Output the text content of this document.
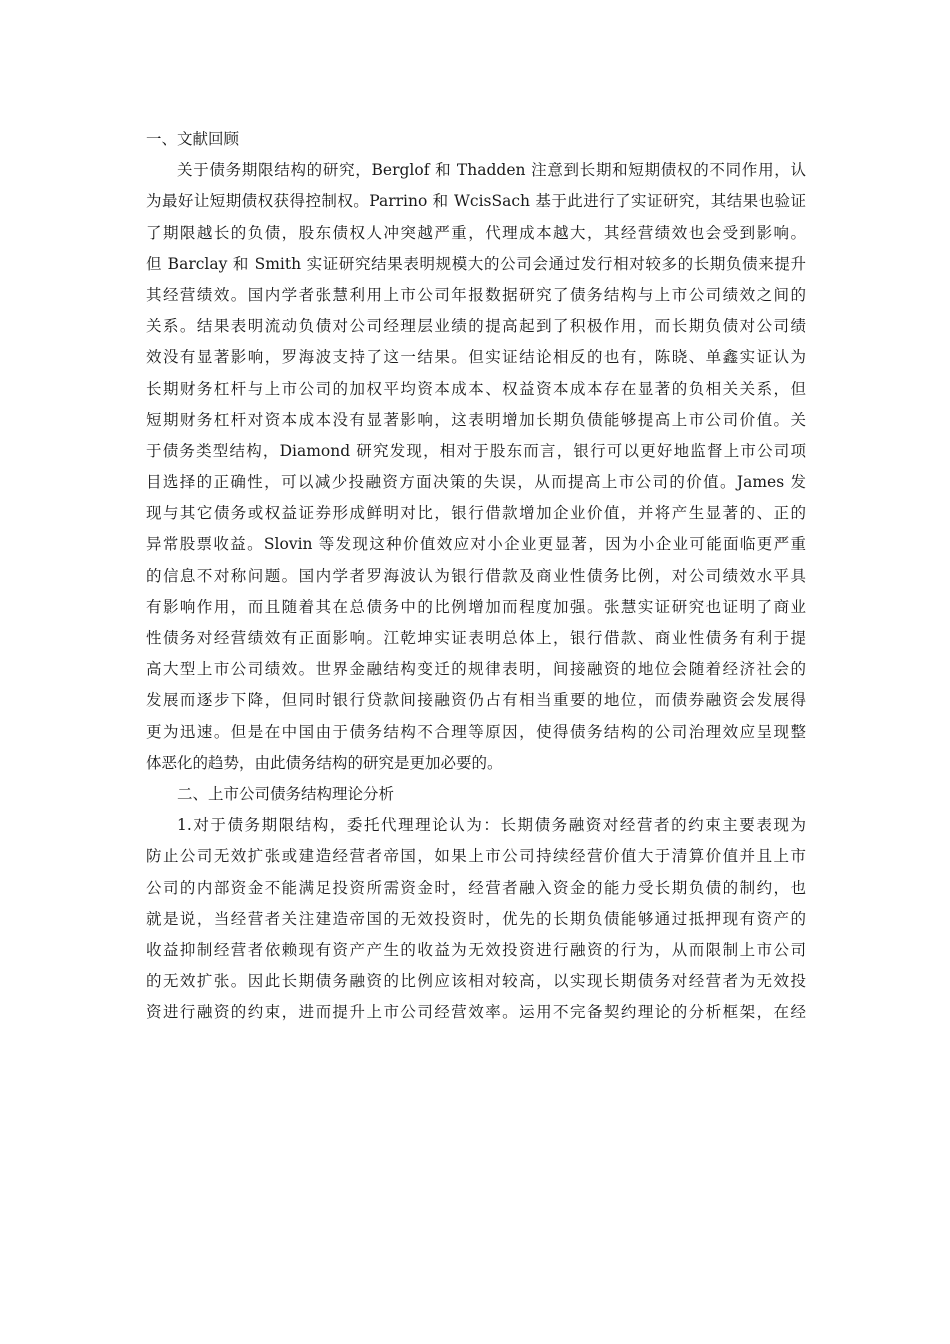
一、文献回顾
关于债务期限结构的研究，Berglof 和 Thadden 注意到长期和短期债权的不同作用，认
为最好让短期债权获得控制权。Parrino 和 WcisSach 基于此进行了实证研究，其结果也验证
了期限越长的负债，股东债权人冲突越严重，代理成本越大，其经营绩效也会受到影响。
但 Barclay 和 Smith 实证研究结果表明规模大的公司会通过发行相对较多的长期负债来提升
其经营绩效。国内学者张慧利用上市公司年报数据研究了债务结构与上市公司绩效之间的
关系。结果表明流动负债对公司经理层业绩的提高起到了积极作用，而长期负债对公司绩
效没有显著影响，罗海波支持了这一结果。但实证结论相反的也有，陈晓、单鑫实证认为
长期财务杠杆与上市公司的加权平均资本成本、权益资本成本存在显著的负相关关系，但
短期财务杠杆对资本成本没有显著影响，这表明增加长期负债能够提高上市公司价值。关
于债务类型结构，Diamond 研究发现，相对于股东而言，银行可以更好地监督上市公司项
目选择的正确性，可以减少投融资方面决策的失误，从而提高上市公司的价值。James 发
现与其它债务或权益证券形成鲜明对比，银行借款增加企业价值，并将产生显著的、正的
异常股票收益。Slovin 等发现这种价值效应对小企业更显著，因为小企业可能面临更严重
的信息不对称问题。国内学者罗海波认为银行借款及商业性债务比例，对公司绩效水平具
有影响作用，而且随着其在总债务中的比例增加而程度加强。张慧实证研究也证明了商业
性债务对经营绩效有正面影响。江乾坤实证表明总体上，银行借款、商业性债务有利于提
高大型上市公司绩效。世界金融结构变迁的规律表明，间接融资的地位会随着经济社会的
发展而逐步下降，但同时银行贷款间接融资仍占有相当重要的地位，而债券融资会发展得
更为迅速。但是在中国由于债务结构不合理等原因，使得债务结构的公司治理效应呈现整
体恶化的趋势，由此债务结构的研究是更加必要的。
二、上市公司债务结构理论分析
1.对于债务期限结构，委托代理理论认为：长期债务融资对经营者的约束主要表现为
防止公司无效扩张或建造经营者帝国，如果上市公司持续经营价值大于清算价值并且上市
公司的内部资金不能满足投资所需资金时，经营者融入资金的能力受长期负债的制约，也
就是说，当经营者关注建造帝国的无效投资时，优先的长期负债能够通过抵押现有资产的
收益抑制经营者依赖现有资产产生的收益为无效投资进行融资的行为，从而限制上市公司
的无效扩张。因此长期债务融资的比例应该相对较高，以实现长期债务对经营者为无效投
资进行融资的约束，进而提升上市公司经营效率。运用不完备契约理论的分析框架，在经
